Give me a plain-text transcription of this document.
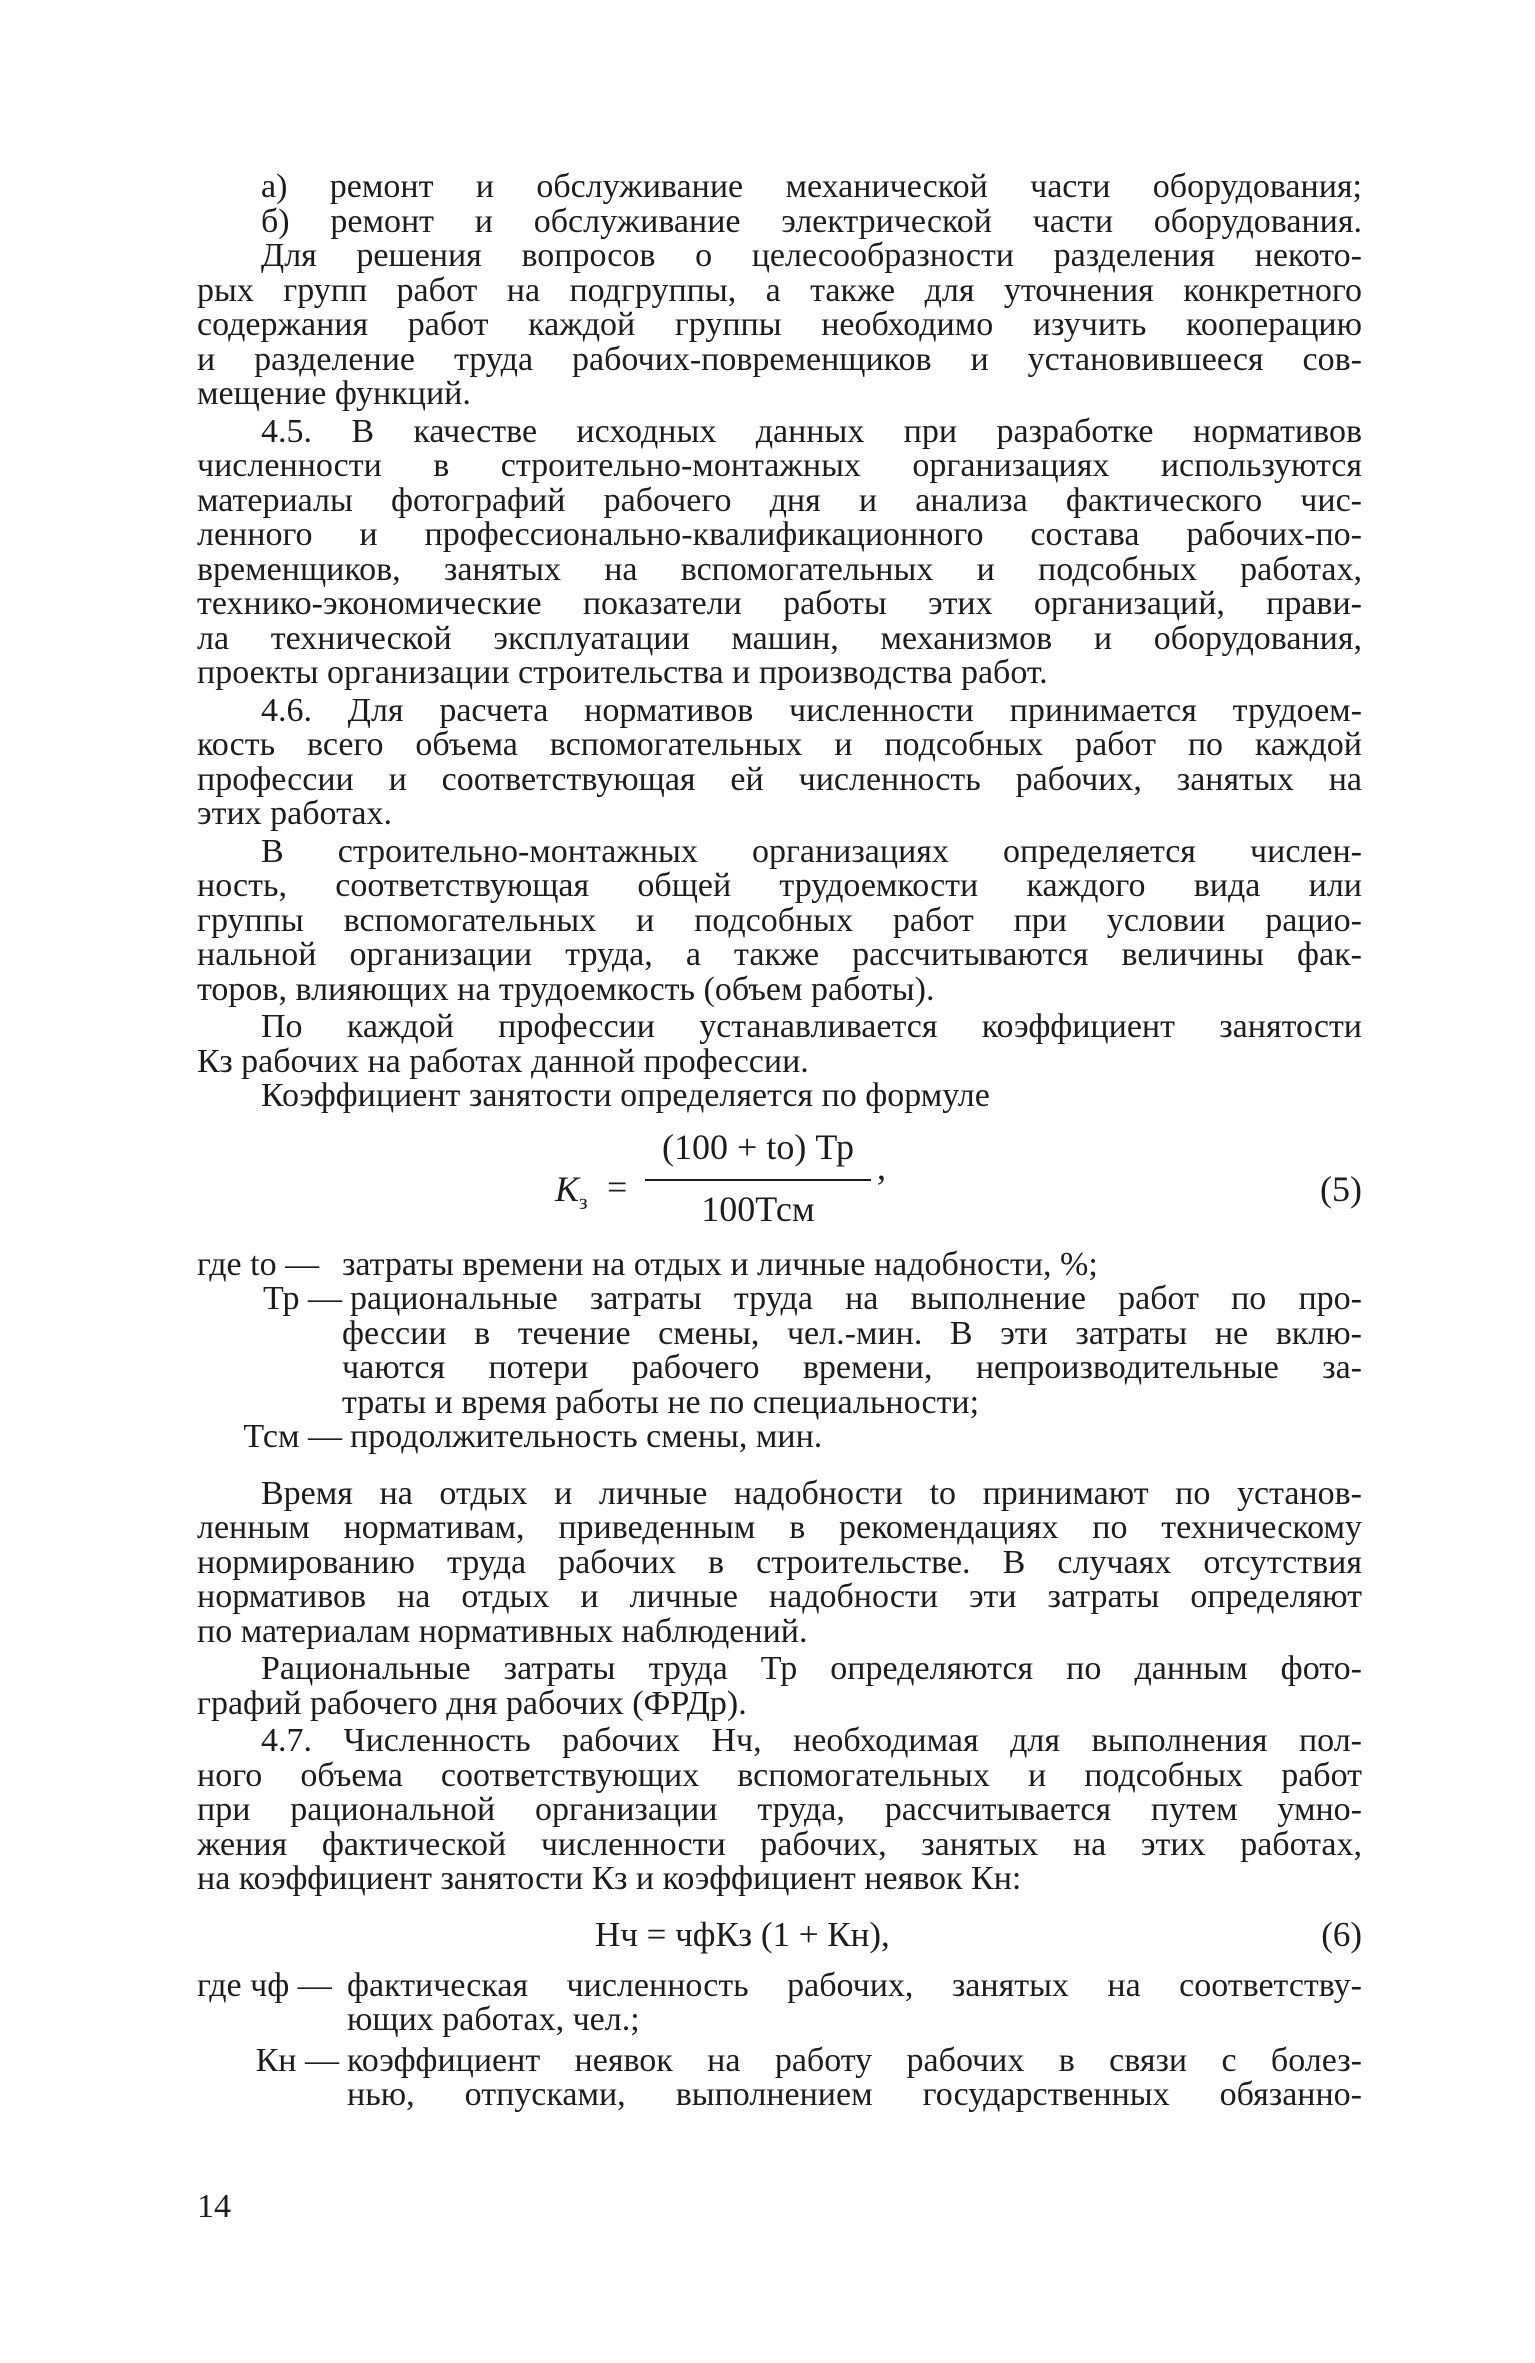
а) ремонт и обслуживание механической части оборудования;
б) ремонт и обслуживание электрической части оборудования.
Для решения вопросов о целесообразности разделения некото-
рых групп работ на подгруппы, а также для уточнения конкретного
содержания работ каждой группы необходимо изучить кооперацию
и разделение труда рабочих-повременщиков и установившееся сов-
мещение функций.
4.5. В качестве исходных данных при разработке нормативов
численности в строительно-монтажных организациях используются
материалы фотографий рабочего дня и анализа фактического чис-
ленного и профессионально-квалификационного состава рабочих-по-
временщиков, занятых на вспомогательных и подсобных работах,
технико-экономические показатели работы этих организаций, прави-
ла технической эксплуатации машин, механизмов и оборудования,
проекты организации строительства и производства работ.
4.6. Для расчета нормативов численности принимается трудоем-
кость всего объема вспомогательных и подсобных работ по каждой
профессии и соответствующая ей численность рабочих, занятых на
этих работах.
В строительно-монтажных организациях определяется числен-
ность, соответствующая общей трудоемкости каждого вида или
группы вспомогательных и подсобных работ при условии рацио-
нальной организации труда, а также рассчитываются величины фак-
торов, влияющих на трудоемкость (объем работы).
По каждой профессии устанавливается коэффициент занятости
Кз рабочих на работах данной профессии.
Коэффициент занятости определяется по формуле
$К_з$ =
(100 + tо) Тр
100Тсм
,
(5)
где tо — затраты времени на отдых и личные надобности, %;
Тр — рациональные затраты труда на выполнение работ по про-
фессии в течение смены, чел.-мин. В эти затраты не вклю-
чаются потери рабочего времени, непроизводительные за-
траты и время работы не по специальности;
Тсм — продолжительность смены, мин.
Время на отдых и личные надобности tо принимают по установ-
ленным нормативам, приведенным в рекомендациях по техническому
нормированию труда рабочих в строительстве. В случаях отсутствия
нормативов на отдых и личные надобности эти затраты определяют
по материалам нормативных наблюдений.
Рациональные затраты труда Тр определяются по данным фото-
графий рабочего дня рабочих (ФРДр).
4.7. Численность рабочих Нч, необходимая для выполнения пол-
ного объема соответствующих вспомогательных и подсобных работ
при рациональной организации труда, рассчитывается путем умно-
жения фактической численности рабочих, занятых на этих работах,
на коэффициент занятости Кз и коэффициент неявок Кн:
Нч = чфКз (1 + Кн),	(6)
где чф — фактическая численность рабочих, занятых на соответству-
ющих работах, чел.;
Кн — коэффициент неявок на работу рабочих в связи с болез-
нью, отпусками, выполнением государственных обязанно-
14
